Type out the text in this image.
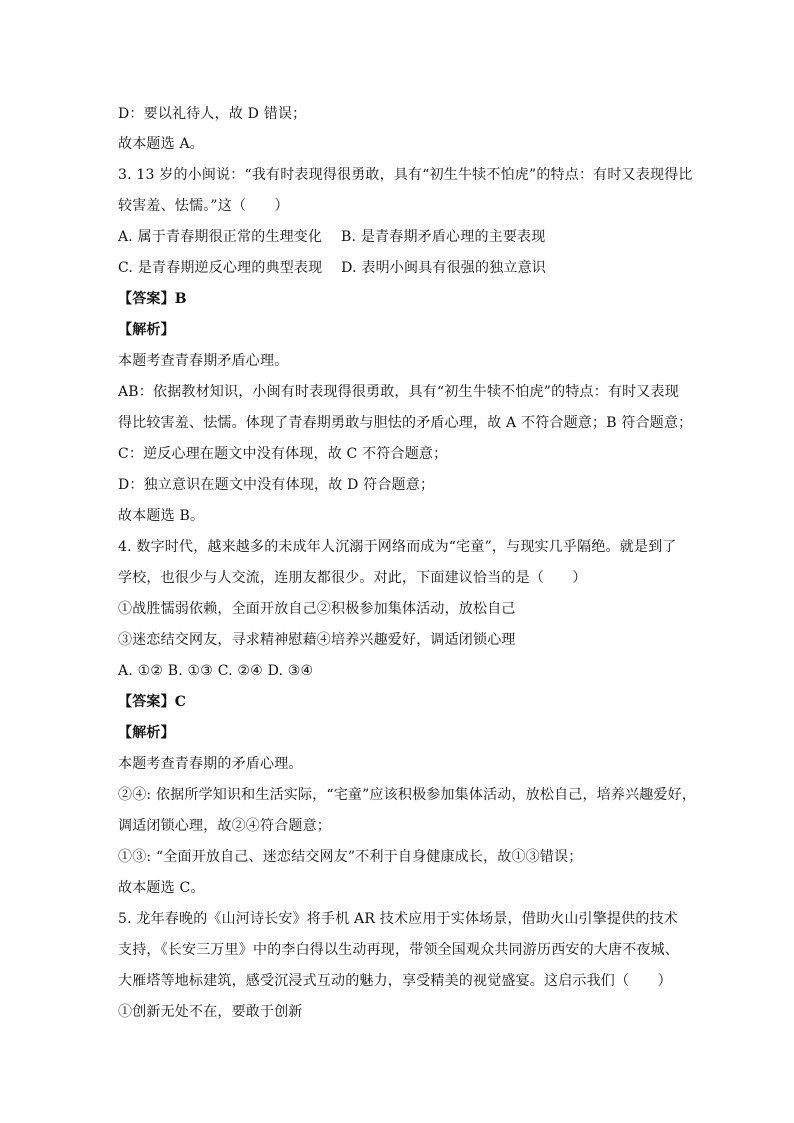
D：要以礼待人，故 D 错误；
故本题选 A。
3. 13 岁的小闽说：“我有时表现得很勇敢，具有“初生牛犊不怕虎”的特点：有时又表现得比
较害羞、怯懦。”这（　　）
A. 属于青春期很正常的生理变化　 B. 是青春期矛盾心理的主要表现
C. 是青春期逆反心理的典型表现　 D. 表明小闽具有很强的独立意识
【答案】B
【解析】
本题考查青春期矛盾心理。
AB：依据教材知识，小闽有时表现得很勇敢，具有“初生牛犊不怕虎”的特点：有时又表现
得比较害羞、怯懦。体现了青春期勇敢与胆怯的矛盾心理，故 A 不符合题意；B 符合题意；
C：逆反心理在题文中没有体现，故 C 不符合题意；
D：独立意识在题文中没有体现，故 D 符合题意；
故本题选 B。
4. 数字时代，越来越多的未成年人沉溺于网络而成为“宅童”，与现实几乎隔绝。就是到了
学校，也很少与人交流，连朋友都很少。对此，下面建议恰当的是（　　）
①战胜懦弱依赖，全面开放自己②积极参加集体活动，放松自己
③迷恋结交网友，寻求精神慰藉④培养兴趣爱好，调适闭锁心理
A. ①② B. ①③ C. ②④ D. ③④
【答案】C
【解析】
本题考查青春期的矛盾心理。
②④: 依据所学知识和生活实际，“宅童”应该积极参加集体活动，放松自己，培养兴趣爱好，
调适闭锁心理，故②④符合题意；
①③: “全面开放自己、迷恋结交网友”不利于自身健康成长，故①③错误；
故本题选 C。
5. 龙年春晚的《山河诗长安》将手机 AR 技术应用于实体场景，借助火山引擎提供的技术
支持，《长安三万里》中的李白得以生动再现，带领全国观众共同游历西安的大唐不夜城、
大雁塔等地标建筑，感受沉浸式互动的魅力，享受精美的视觉盛宴。这启示我们（　　）
①创新无处不在，要敢于创新
